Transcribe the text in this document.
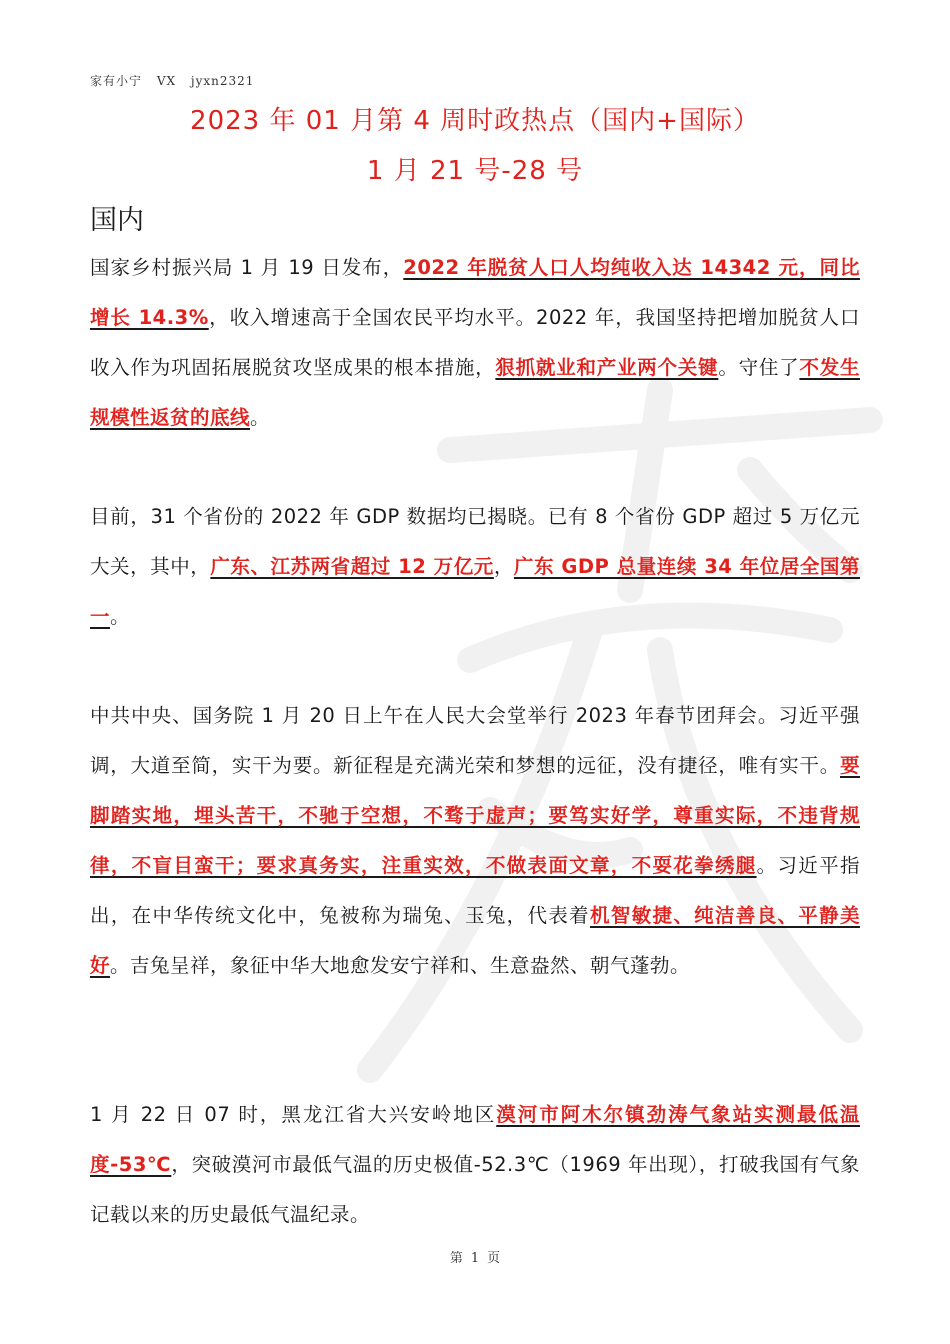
家有小宁 VX jyxn2321
2023 年 01 月第 4 周时政热点（国内+国际）
1 月 21 号-28 号
国内
国家乡村振兴局 1 月 19 日发布，2022 年脱贫人口人均纯收入达 14342 元，同比增长 14.3%，收入增速高于全国农民平均水平。2022 年，我国坚持把增加脱贫人口收入作为巩固拓展脱贫攻坚成果的根本措施，狠抓就业和产业两个关键。守住了不发生规模性返贫的底线。
目前，31 个省份的 2022 年 GDP 数据均已揭晓。已有 8 个省份 GDP 超过 5 万亿元大关，其中，广东、江苏两省超过 12 万亿元，广东 GDP 总量连续 34 年位居全国第一。
中共中央、国务院 1 月 20 日上午在人民大会堂举行 2023 年春节团拜会。习近平强调，大道至简，实干为要。新征程是充满光荣和梦想的远征，没有捷径，唯有实干。要脚踏实地，埋头苦干，不驰于空想，不骛于虚声；要笃实好学，尊重实际，不违背规律，不盲目蛮干；要求真务实，注重实效，不做表面文章，不耍花拳绣腿。习近平指出，在中华传统文化中，兔被称为瑞兔、玉兔，代表着机智敏捷、纯洁善良、平静美好。吉兔呈祥，象征中华大地愈发安宁祥和、生意盎然、朝气蓬勃。
1 月 22 日 07 时，黑龙江省大兴安岭地区漠河市阿木尔镇劲涛气象站实测最低温度-53℃，突破漠河市最低气温的历史极值-52.3℃（1969 年出现），打破我国有气象记载以来的历史最低气温纪录。
第 1 页
